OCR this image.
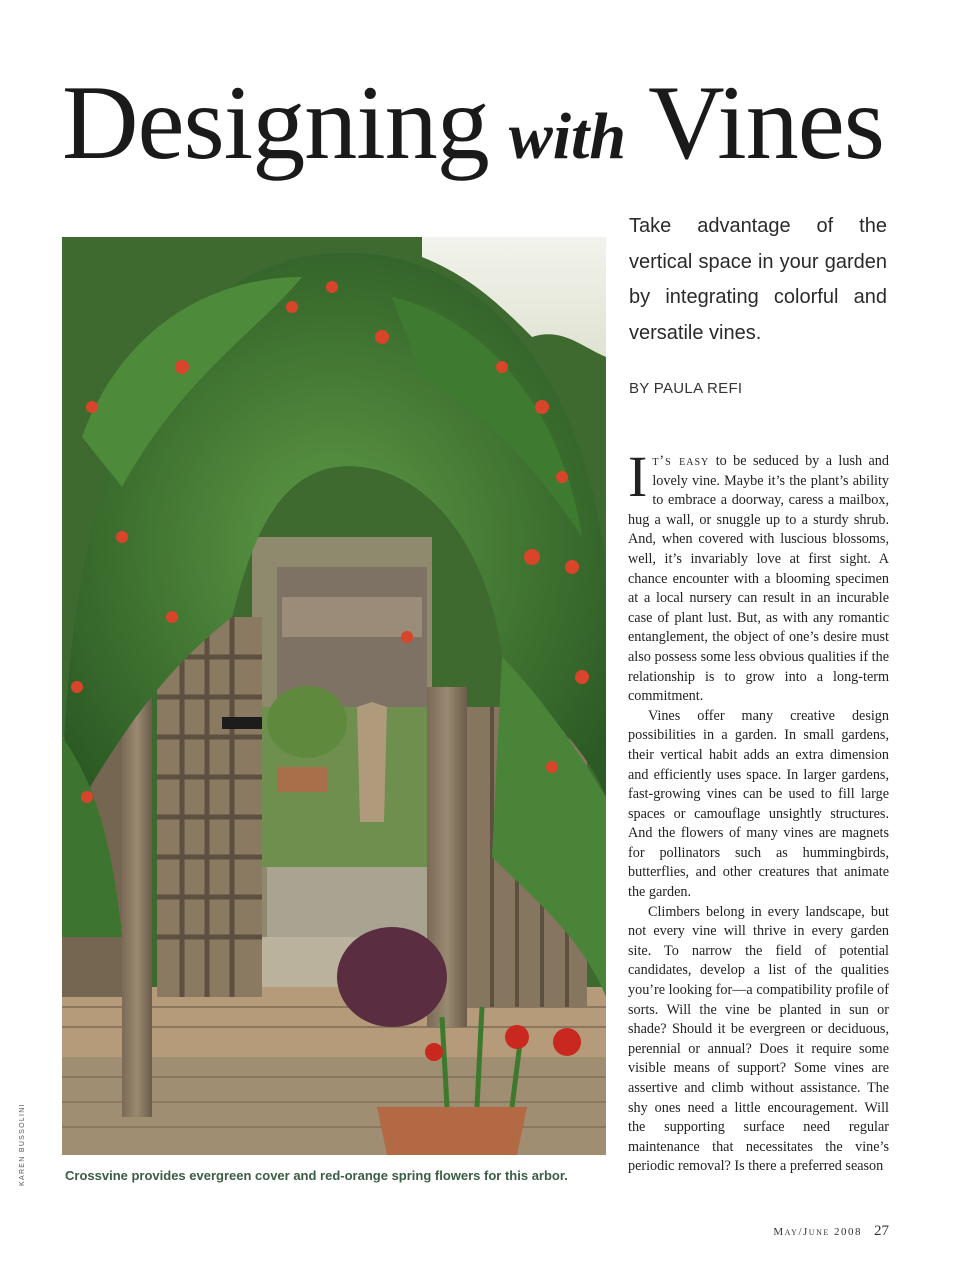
Designing with Vines
Take advantage of the vertical space in your garden by integrating colorful and versatile vines.
BY PAULA REFI
KAREN BUSSOLINI	Crossvine provides evergreen cover and red-orange spring flowers for this arbor.

It’s easy to be seduced by a lush and lovely vine. Maybe it’s the plant’s ability to embrace a doorway, caress a mailbox, hug a wall, or snuggle up to a sturdy shrub. And, when covered with luscious blossoms, well, it’s invariably love at first sight. A chance encounter with a blooming specimen at a local nursery can result in an incurable case of plant lust. But, as with any romantic entanglement, the object of one’s desire must also possess some less obvious qualities if the relationship is to grow into a long-term commitment.

Vines offer many creative design possibilities in a garden. In small gardens, their vertical habit adds an extra dimension and efficiently uses space. In larger gardens, fast-growing vines can be used to fill large spaces or camouflage unsightly structures. And the flowers of many vines are magnets for pollinators such as hummingbirds, butterflies, and other creatures that animate the garden.

Climbers belong in every landscape, but not every vine will thrive in every garden site. To narrow the field of potential candidates, develop a list of the qualities you’re looking for—a compatibility profile of sorts. Will the vine be planted in sun or shade? Should it be evergreen or deciduous, perennial or annual? Does it require some visible means of support? Some vines are assertive and climb without assistance. The shy ones need a little encouragement. Will the supporting surface need regular maintenance that necessitates the vine’s periodic removal? Is there a preferred season

May/June 2008 27
